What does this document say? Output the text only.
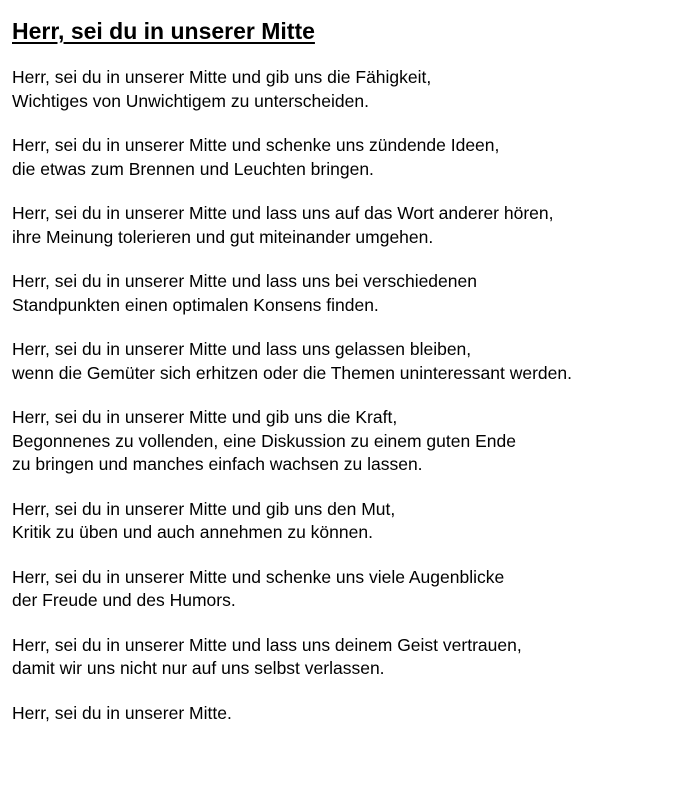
Herr, sei du in unserer Mitte
Herr, sei du in unserer Mitte und gib uns die Fähigkeit,
Wichtiges von Unwichtigem zu unterscheiden.
Herr, sei du in unserer Mitte und schenke uns zündende Ideen,
die etwas zum Brennen und Leuchten bringen.
Herr, sei du in unserer Mitte und lass uns auf das Wort anderer hören,
ihre Meinung tolerieren und gut miteinander umgehen.
Herr, sei du in unserer Mitte und lass uns bei verschiedenen
Standpunkten einen optimalen Konsens finden.
Herr, sei du in unserer Mitte und lass uns gelassen bleiben,
wenn die Gemüter sich erhitzen oder die Themen uninteressant werden.
Herr, sei du in unserer Mitte und gib uns die Kraft,
Begonnenes zu vollenden, eine Diskussion zu einem guten Ende
zu bringen und manches einfach wachsen zu lassen.
Herr, sei du in unserer Mitte und gib uns den Mut,
Kritik zu üben und auch annehmen zu können.
Herr, sei du in unserer Mitte und schenke uns viele Augenblicke
der Freude und des Humors.
Herr, sei du in unserer Mitte und lass uns deinem Geist vertrauen,
damit wir uns nicht nur auf uns selbst verlassen.
Herr, sei du in unserer Mitte.
